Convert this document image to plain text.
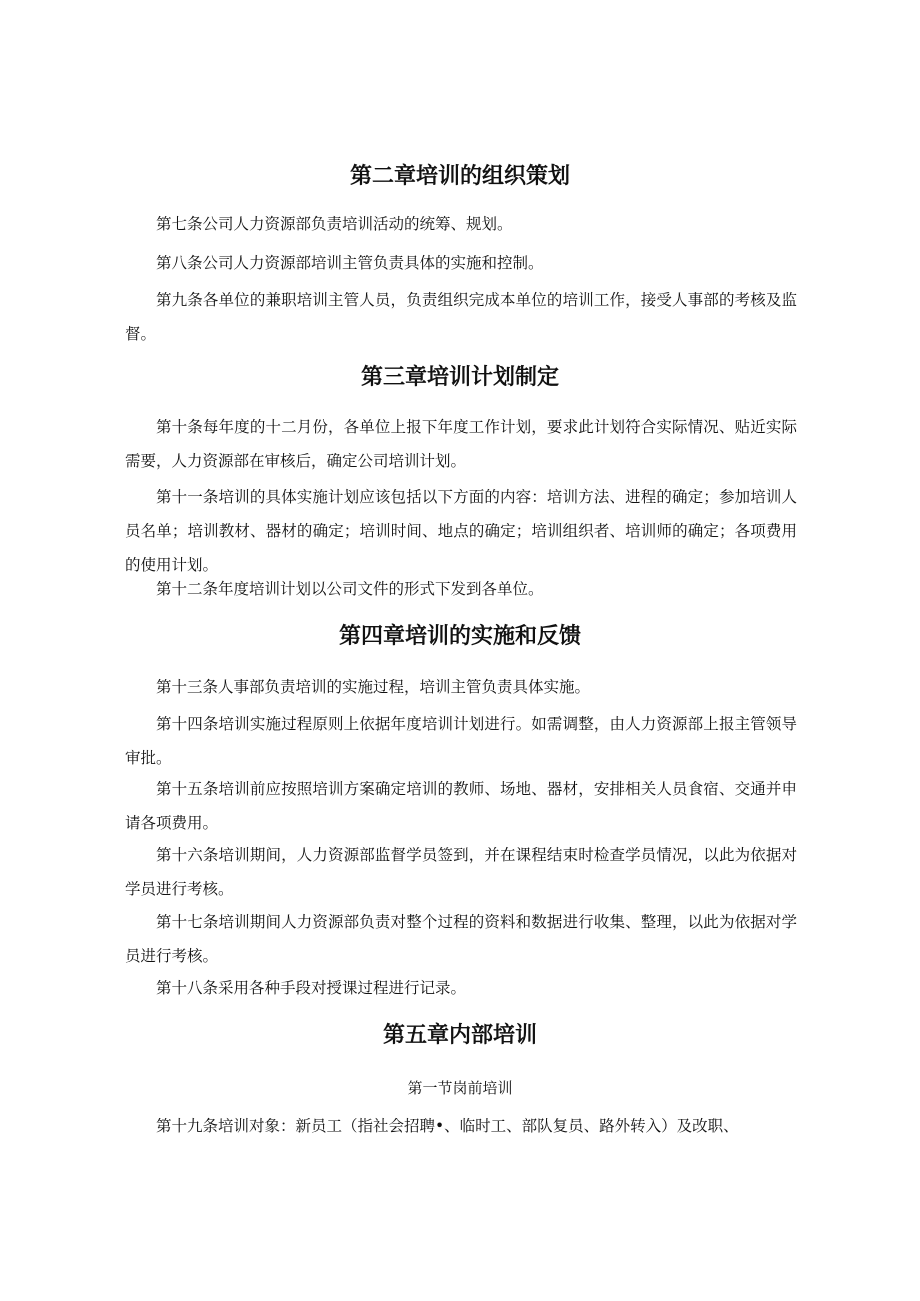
第二章培训的组织策划

第七条公司人力资源部负责培训活动的统筹、规划。

第八条公司人力资源部培训主管负责具体的实施和控制。

第九条各单位的兼职培训主管人员，负责组织完成本单位的培训工作，接受人事部的考核及监督。

第三章培训计划制定

第十条每年度的十二月份，各单位上报下年度工作计划，要求此计划符合实际情况、贴近实际需要，人力资源部在审核后，确定公司培训计划。

第十一条培训的具体实施计划应该包括以下方面的内容：培训方法、进程的确定；参加培训人员名单；培训教材、器材的确定；培训时间、地点的确定；培训组织者、培训师的确定；各项费用的使用计划。

第十二条年度培训计划以公司文件的形式下发到各单位。

第四章培训的实施和反馈

第十三条人事部负责培训的实施过程，培训主管负责具体实施。

第十四条培训实施过程原则上依据年度培训计划进行。如需调整，由人力资源部上报主管领导审批。

第十五条培训前应按照培训方案确定培训的教师、场地、器材，安排相关人员食宿、交通并申请各项费用。

第十六条培训期间，人力资源部监督学员签到，并在课程结束时检查学员情况，以此为依据对学员进行考核。

第十七条培训期间人力资源部负责对整个过程的资料和数据进行收集、整理，以此为依据对学员进行考核。

第十八条采用各种手段对授课过程进行记录。

第五章内部培训

第一节岗前培训

第十九条培训对象：新员工（指社会招聘•、临时工、部队复员、路外转入）及改职、
